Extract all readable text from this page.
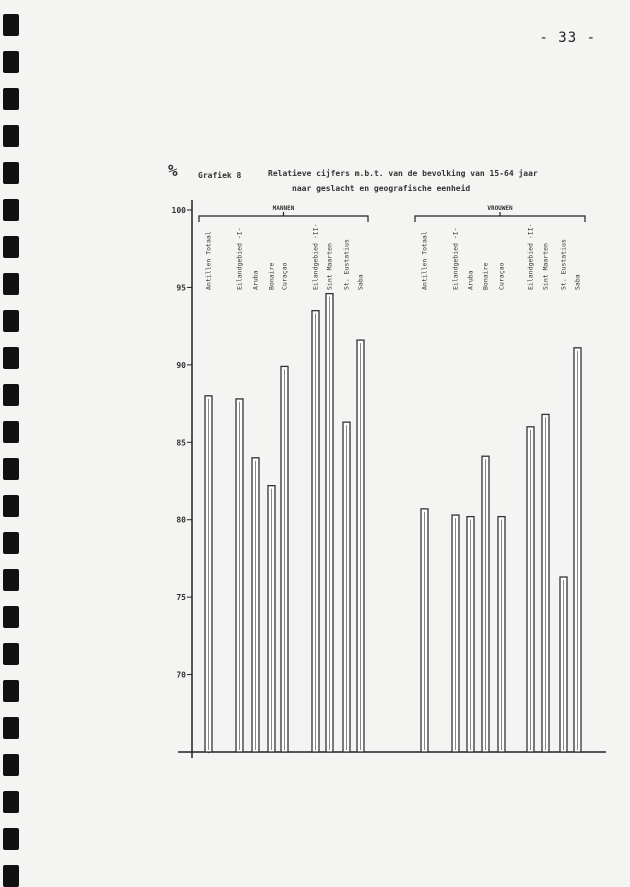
- 33 -
%	Grafiek 8	Relatieve cijfers m.b.t. van de bevolking van 15-64 jaar
naar geslacht en geografische eenheid
70
75
80
85
90
95
100	MANNEN	VROUWEN
Antillen Totaal	Eilandgebied -I- Aruba Bonaire Curaçao	Eilandgebied -II- Sint Maarten St. Eustatius Saba	Antillen Totaal	Eilandgebied -I- Aruba Bonaire Curaçao	Eilandgebied -II- Sint Maarten St. Eustatius Saba
